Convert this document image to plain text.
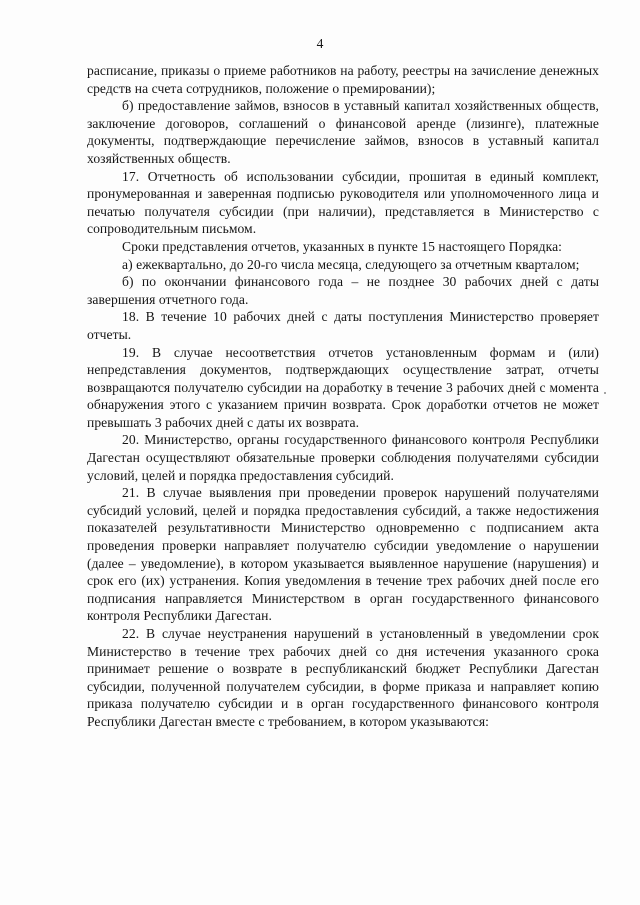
4

расписание, приказы о приеме работников на работу, реестры на зачисление денежных средств на счета сотрудников, положение о премировании);

б) предоставление займов, взносов в уставный капитал хозяйственных обществ, заключение договоров, соглашений о финансовой аренде (лизинге), платежные документы, подтверждающие перечисление займов, взносов в уставный капитал хозяйственных обществ.

17. Отчетность об использовании субсидии, прошитая в единый комплект, пронумерованная и заверенная подписью руководителя или уполномоченного лица и печатью получателя субсидии (при наличии), представляется в Министерство с сопроводительным письмом.

Сроки представления отчетов, указанных в пункте 15 настоящего Порядка:

а) ежеквартально, до 20-го числа месяца, следующего за отчетным кварталом;

б) по окончании финансового года – не позднее 30 рабочих дней с даты завершения отчетного года.

18. В течение 10 рабочих дней с даты поступления Министерство проверяет отчеты.

19. В случае несоответствия отчетов установленным формам и (или) непредставления документов, подтверждающих осуществление затрат, отчеты возвращаются получателю субсидии на доработку в течение 3 рабочих дней с момента обнаружения этого с указанием причин возврата. Срок доработки отчетов не может превышать 3 рабочих дней с даты их возврата.

20. Министерство, органы государственного финансового контроля Республики Дагестан осуществляют обязательные проверки соблюдения получателями субсидии условий, целей и порядка предоставления субсидий.

21. В случае выявления при проведении проверок нарушений получателями субсидий условий, целей и порядка предоставления субсидий, а также недостижения показателей результативности Министерство одновременно с подписанием акта проведения проверки направляет получателю субсидии уведомление о нарушении (далее – уведомление), в котором указывается выявленное нарушение (нарушения) и срок его (их) устранения. Копия уведомления в течение трех рабочих дней после его подписания направляется Министерством в орган государственного финансового контроля Республики Дагестан.

22. В случае неустранения нарушений в установленный в уведомлении срок Министерство в течение трех рабочих дней со дня истечения указанного срока принимает решение о возврате в республиканский бюджет Республики Дагестан субсидии, полученной получателем субсидии, в форме приказа и направляет копию приказа получателю субсидии и в орган государственного финансового контроля Республики Дагестан вместе с требованием, в котором указываются:
